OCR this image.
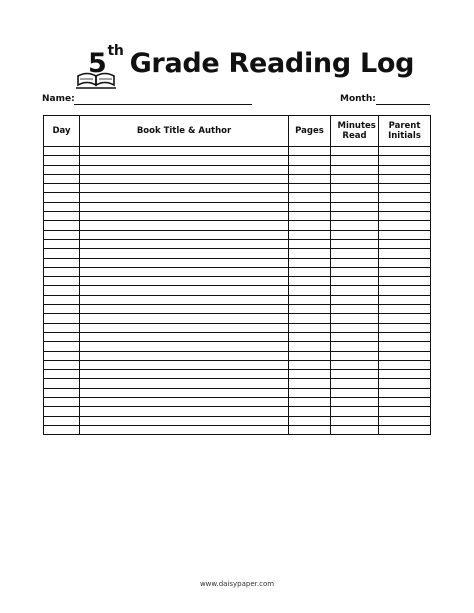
5th Grade Reading Log
Name:	Month:
Day	Book Title & Author	Pages	Minutes Read	Parent Initials

www.daisypaper.com
